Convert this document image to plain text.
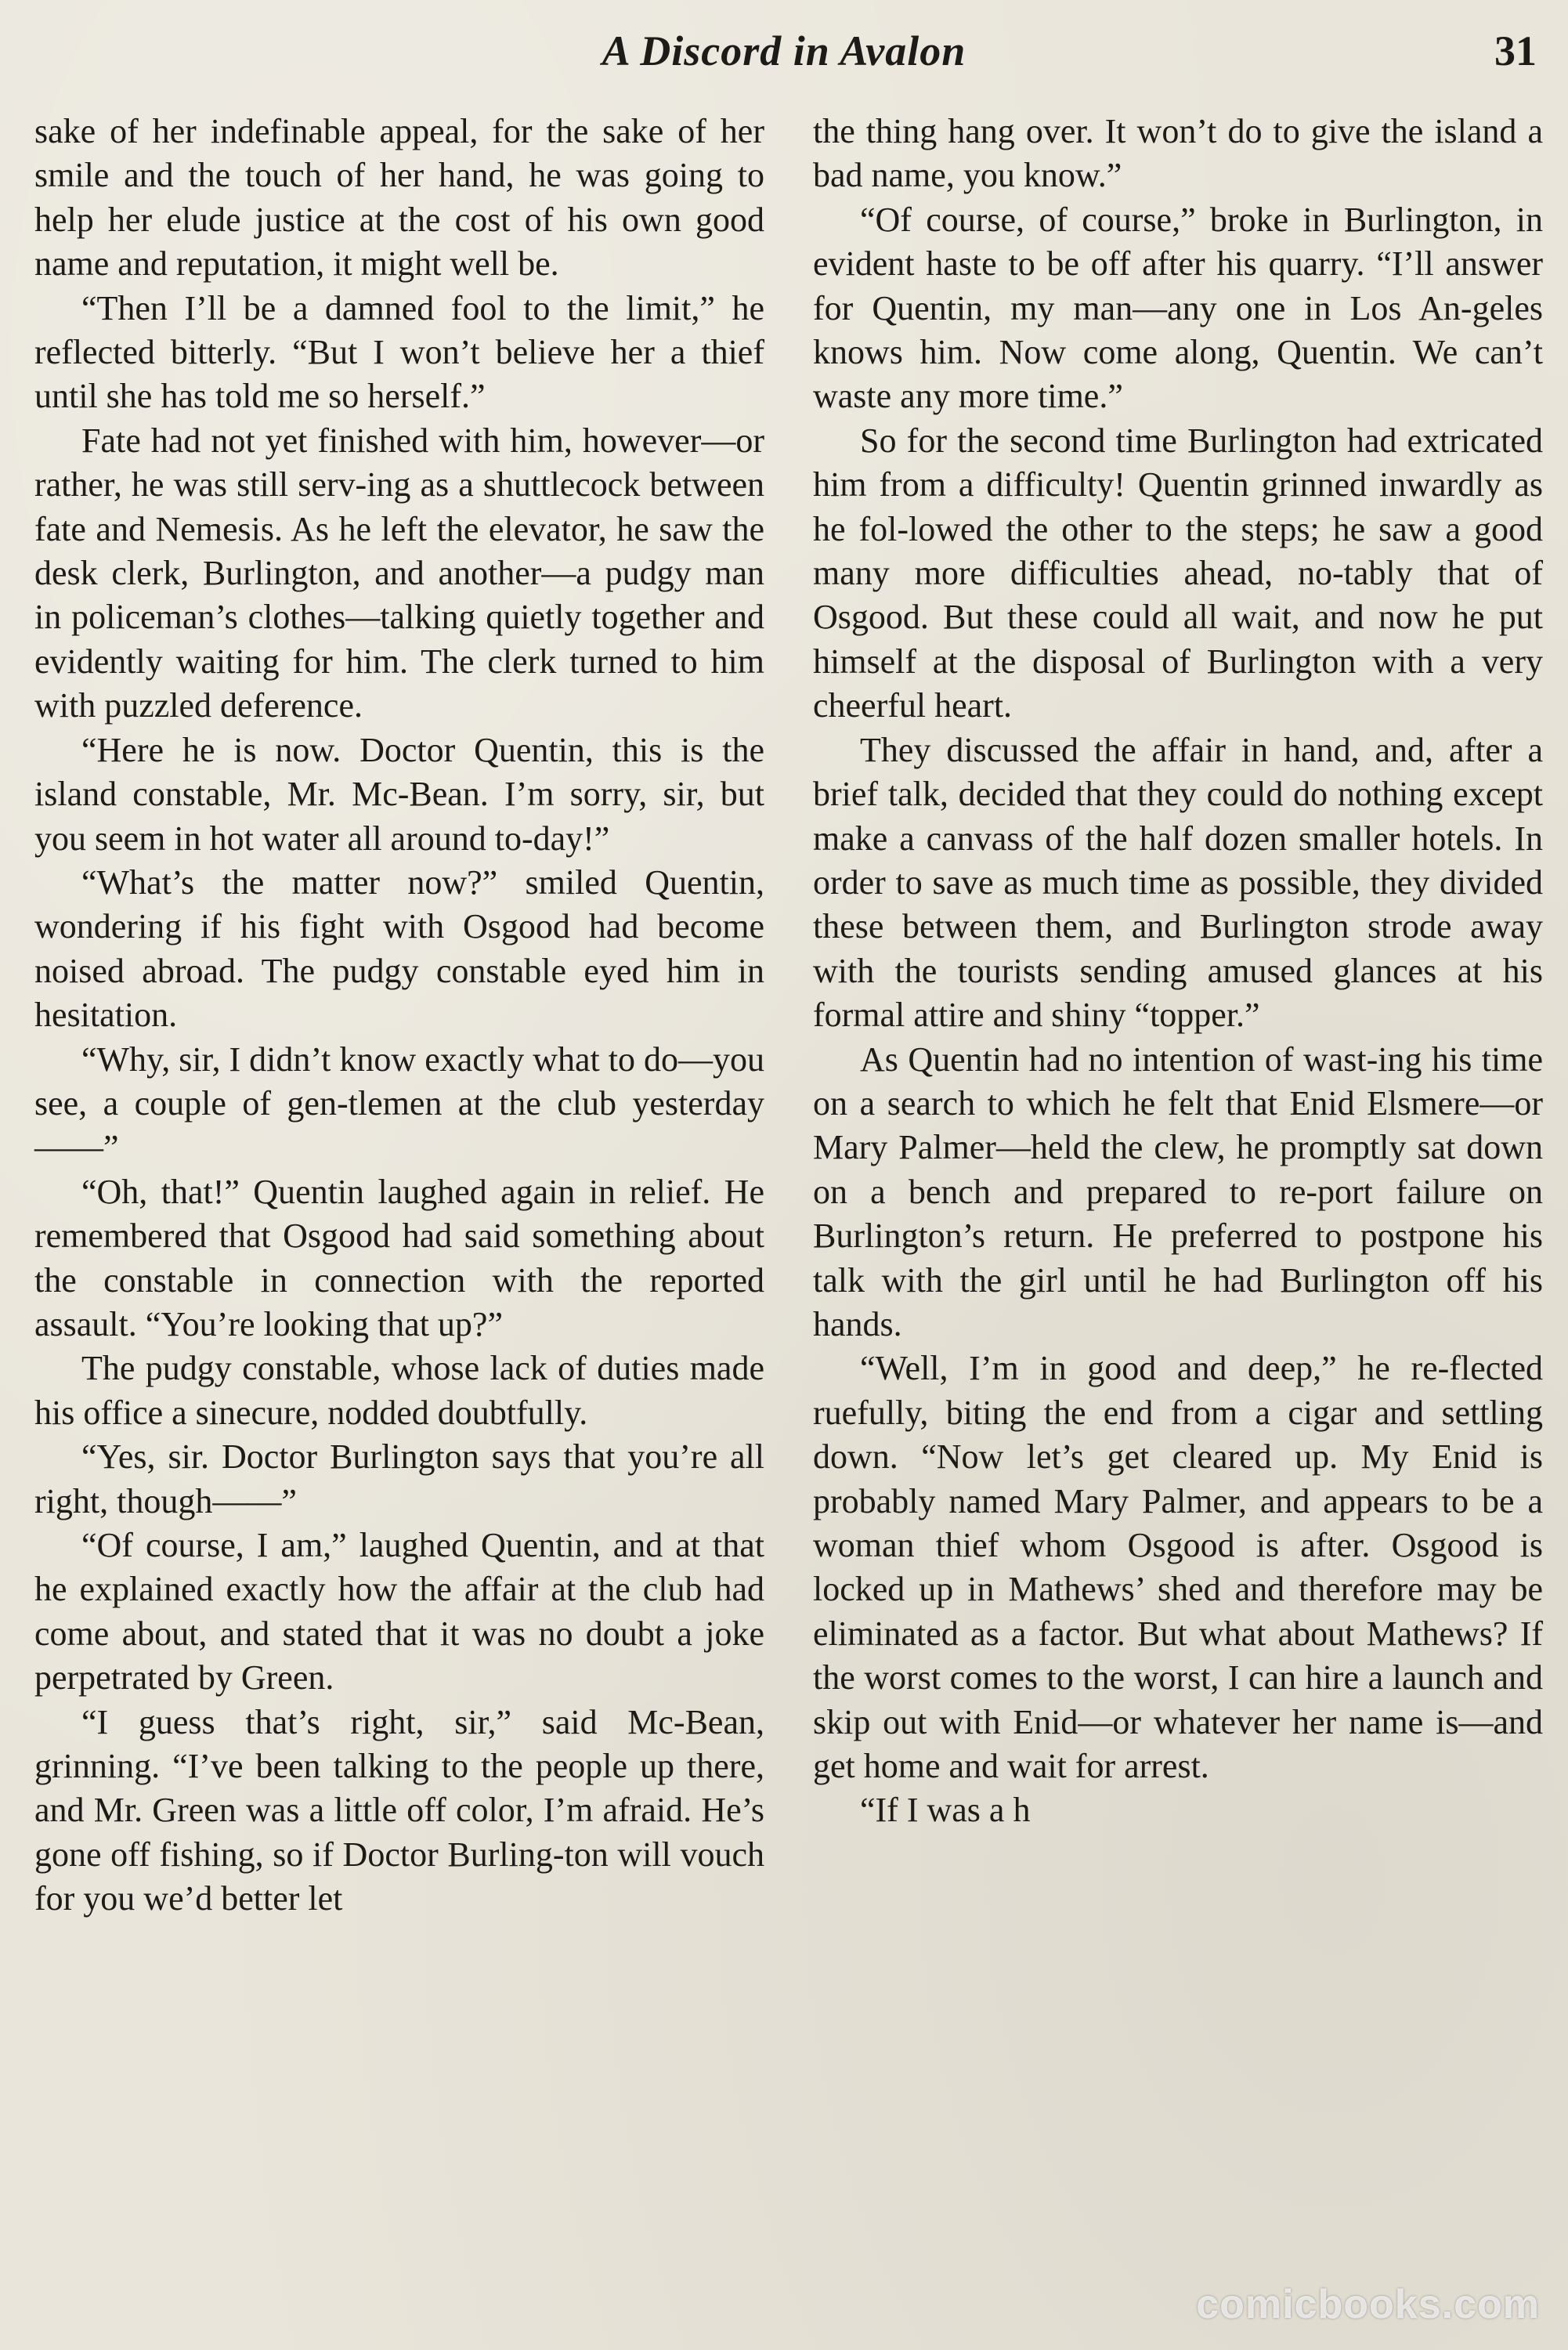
A Discord in Avalon	31

sake of her indefinable appeal, for the sake of her smile and the touch of her hand, he was going to help her elude justice at the cost of his own good name and reputation, it might well be.

“Then I’ll be a damned fool to the limit,” he reflected bitterly. “But I won’t believe her a thief until she has told me so herself.”

Fate had not yet finished with him, however—or rather, he was still serv-ing as a shuttlecock between fate and Nemesis. As he left the elevator, he saw the desk clerk, Burlington, and another—a pudgy man in policeman’s clothes—talking quietly together and evidently waiting for him. The clerk turned to him with puzzled deference.

“Here he is now. Doctor Quentin, this is the island constable, Mr. Mc-Bean. I’m sorry, sir, but you seem in hot water all around to-day!”

“What’s the matter now?” smiled Quentin, wondering if his fight with Osgood had become noised abroad. The pudgy constable eyed him in hesitation.

“Why, sir, I didn’t know exactly what to do—you see, a couple of gen-tlemen at the club yesterday——”

“Oh, that!” Quentin laughed again in relief. He remembered that Osgood had said something about the constable in connection with the reported assault. “You’re looking that up?”

The pudgy constable, whose lack of duties made his office a sinecure, nodded doubtfully.

“Yes, sir. Doctor Burlington says that you’re all right, though——”

“Of course, I am,” laughed Quentin, and at that he explained exactly how the affair at the club had come about, and stated that it was no doubt a joke perpetrated by Green.

“I guess that’s right, sir,” said Mc-Bean, grinning. “I’ve been talking to the people up there, and Mr. Green was a little off color, I’m afraid. He’s gone off fishing, so if Doctor Burling-ton will vouch for you we’d better let

the thing hang over. It won’t do to give the island a bad name, you know.”

“Of course, of course,” broke in Burlington, in evident haste to be off after his quarry. “I’ll answer for Quentin, my man—any one in Los An-geles knows him. Now come along, Quentin. We can’t waste any more time.”

So for the second time Burlington had extricated him from a difficulty! Quentin grinned inwardly as he fol-lowed the other to the steps; he saw a good many more difficulties ahead, no-tably that of Osgood. But these could all wait, and now he put himself at the disposal of Burlington with a very cheerful heart.

They discussed the affair in hand, and, after a brief talk, decided that they could do nothing except make a canvass of the half dozen smaller hotels. In order to save as much time as possible, they divided these between them, and Burlington strode away with the tourists sending amused glances at his formal attire and shiny “topper.”

As Quentin had no intention of wast-ing his time on a search to which he felt that Enid Elsmere—or Mary Palmer—held the clew, he promptly sat down on a bench and prepared to re-port failure on Burlington’s return. He preferred to postpone his talk with the girl until he had Burlington off his hands.

“Well, I’m in good and deep,” he re-flected ruefully, biting the end from a cigar and settling down. “Now let’s get cleared up. My Enid is probably named Mary Palmer, and appears to be a woman thief whom Osgood is after. Osgood is locked up in Mathews’ shed and therefore may be eliminated as a factor. But what about Mathews? If the worst comes to the worst, I can hire a launch and skip out with Enid—or whatever her name is—and get home and wait for arrest.

“If I was a h

comicbooks.com
